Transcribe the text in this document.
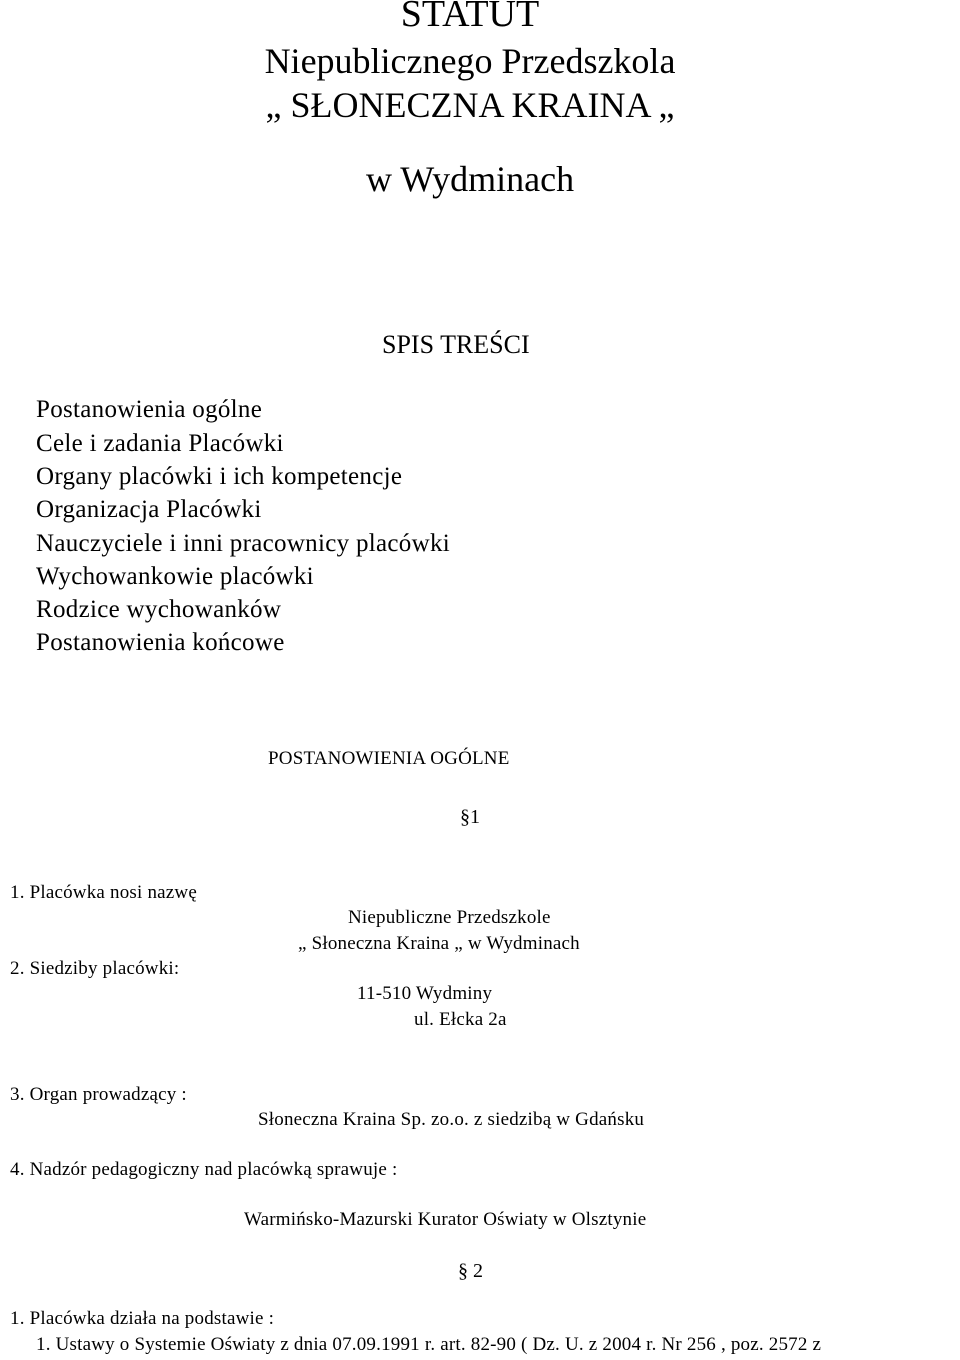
STATUT
Niepublicznego Przedszkola
„ SŁONECZNA KRAINA „
w Wydminach
SPIS TREŚCI
Postanowienia ogólne
Cele i zadania Placówki
Organy placówki i ich kompetencje
Organizacja Placówki
Nauczyciele i inni pracownicy placówki
Wychowankowie placówki
Rodzice wychowanków
Postanowienia końcowe
POSTANOWIENIA OGÓLNE
§1
1. Placówka nosi nazwę
Niepubliczne Przedszkole
„ Słoneczna Kraina „ w Wydminach
2. Siedziby placówki:
11-510 Wydminy
ul. Ełcka 2a
3. Organ prowadzący :
Słoneczna Kraina Sp. zo.o. z siedzibą w Gdańsku
4. Nadzór pedagogiczny nad placówką sprawuje :
Warmińsko-Mazurski Kurator Oświaty w Olsztynie
§ 2
1. Placówka działa na podstawie :
1. Ustawy o Systemie Oświaty z dnia 07.09.1991 r. art. 82-90 ( Dz. U. z 2004 r. Nr 256 , poz. 2572 z
